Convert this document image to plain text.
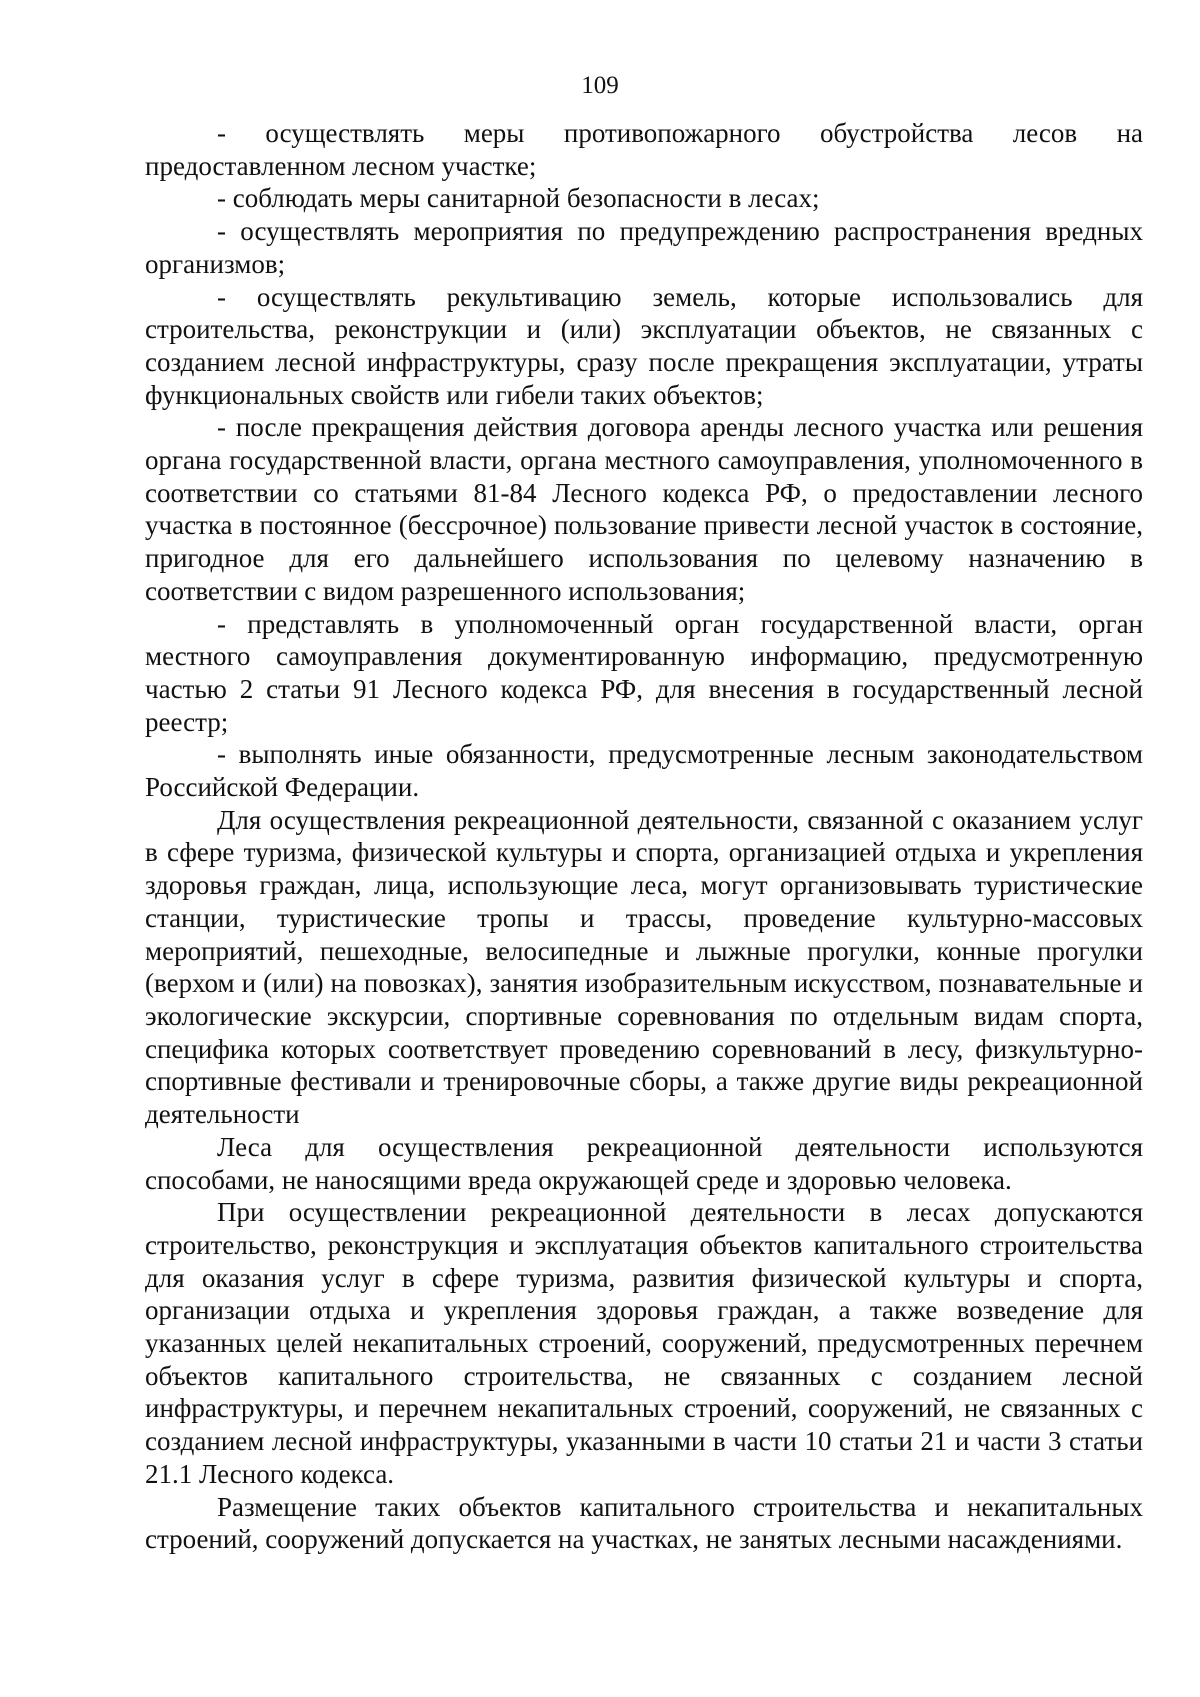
109

- осуществлять меры противопожарного обустройства лесов на предоставленном лесном участке;

- соблюдать меры санитарной безопасности в лесах;

- осуществлять мероприятия по предупреждению распространения вредных организмов;

- осуществлять рекультивацию земель, которые использовались для строительства, реконструкции и (или) эксплуатации объектов, не связанных с созданием лесной инфраструктуры, сразу после прекращения эксплуатации, утраты функциональных свойств или гибели таких объектов;

- после прекращения действия договора аренды лесного участка или решения органа государственной власти, органа местного самоуправления, уполномоченного в соответствии со статьями 81-84 Лесного кодекса РФ, о предоставлении лесного участка в постоянное (бессрочное) пользование привести лесной участок в состояние, пригодное для его дальнейшего использования по целевому назначению в соответствии с видом разрешенного использования;

- представлять в уполномоченный орган государственной власти, орган местного самоуправления документированную информацию, предусмотренную частью 2 статьи 91 Лесного кодекса РФ, для внесения в государственный лесной реестр;

- выполнять иные обязанности, предусмотренные лесным законодательством Российской Федерации.

Для осуществления рекреационной деятельности, связанной с оказанием услуг в сфере туризма, физической культуры и спорта, организацией отдыха и укрепления здоровья граждан, лица, использующие леса, могут организовывать туристические станции, туристические тропы и трассы, проведение культурно-массовых мероприятий, пешеходные, велосипедные и лыжные прогулки, конные прогулки (верхом и (или) на повозках), занятия изобразительным искусством, познавательные и экологические экскурсии, спортивные соревнования по отдельным видам спорта, специфика которых соответствует проведению соревнований в лесу, физкультурно-спортивные фестивали и тренировочные сборы, а также другие виды рекреационной деятельности

Леса для осуществления рекреационной деятельности используются способами, не наносящими вреда окружающей среде и здоровью человека.

При осуществлении рекреационной деятельности в лесах допускаются строительство, реконструкция и эксплуатация объектов капитального строительства для оказания услуг в сфере туризма, развития физической культуры и спорта, организации отдыха и укрепления здоровья граждан, а также возведение для указанных целей некапитальных строений, сооружений, предусмотренных перечнем объектов капитального строительства, не связанных с созданием лесной инфраструктуры, и перечнем некапитальных строений, сооружений, не связанных с созданием лесной инфраструктуры, указанными в части 10 статьи 21 и части 3 статьи 21.1 Лесного кодекса.

Размещение таких объектов капитального строительства и некапитальных строений, сооружений допускается на участках, не занятых лесными насаждениями.
